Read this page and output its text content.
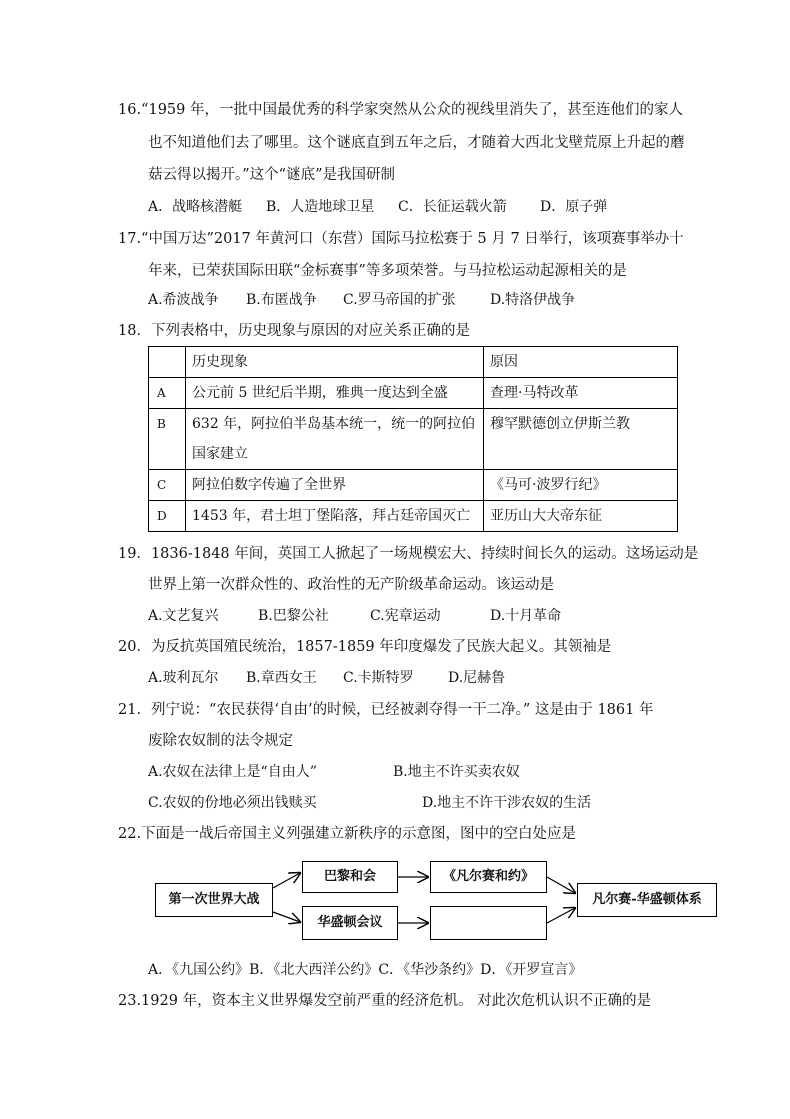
16.“1959 年，一批中国最优秀的科学家突然从公众的视线里消失了，甚至连他们的家人
也不知道他们去了哪里。这个谜底直到五年之后，才随着大西北戈壁荒原上升起的蘑
菇云得以揭开。”这个“谜底”是我国研制
A．战略核潜艇 B．人造地球卫星 C．长征运载火箭 D．原子弹
17.“中国万达”2017 年黄河口（东营）国际马拉松赛于 5 月 7 日举行，该项赛事举办十
年来，已荣获国际田联“金标赛事”等多项荣誉。与马拉松运动起源相关的是
A.希波战争 B.布匿战争 C.罗马帝国的扩张 D.特洛伊战争
18．下列表格中，历史现象与原因的对应关系正确的是
	历史现象	原因
A	公元前 5 世纪后半期，雅典一度达到全盛	查理·马特改革
B	632 年，阿拉伯半岛基本统一，统一的阿拉伯国家建立	穆罕默德创立伊斯兰教
C	阿拉伯数字传遍了全世界	《马可·波罗行纪》
D	1453 年，君士坦丁堡陷落，拜占廷帝国灭亡	亚历山大大帝东征
19．1836-1848 年间，英国工人掀起了一场规模宏大、持续时间长久的运动。这场运动是
世界上第一次群众性的、政治性的无产阶级革命运动。该运动是
A.文艺复兴	B.巴黎公社	C.宪章运动	D.十月革命
20．为反抗英国殖民统治，1857-1859 年印度爆发了民族大起义。其领袖是
A.玻利瓦尔 B.章西女王 C.卡斯特罗 D.尼赫鲁
21．列宁说：“农民获得‘自由’的时候，已经被剥夺得一干二净。” 这是由于 1861 年
废除农奴制的法令规定
A.农奴在法律上是“自由人”	B.地主不许买卖农奴
C.农奴的份地必须出钱赎买	D.地主不许干涉农奴的生活
22.下面是一战后帝国主义列强建立新秩序的示意图，图中的空白处应是
第一次世界大战
巴黎和会	《凡尔赛和约》
华盛顿会议
凡尔赛-华盛顿体系
A．《九国公约》B．《北大西洋公约》C．《华沙条约》D．《开罗宣言》
23.1929 年，资本主义世界爆发空前严重的经济危机。 对此次危机认识不正确的是
